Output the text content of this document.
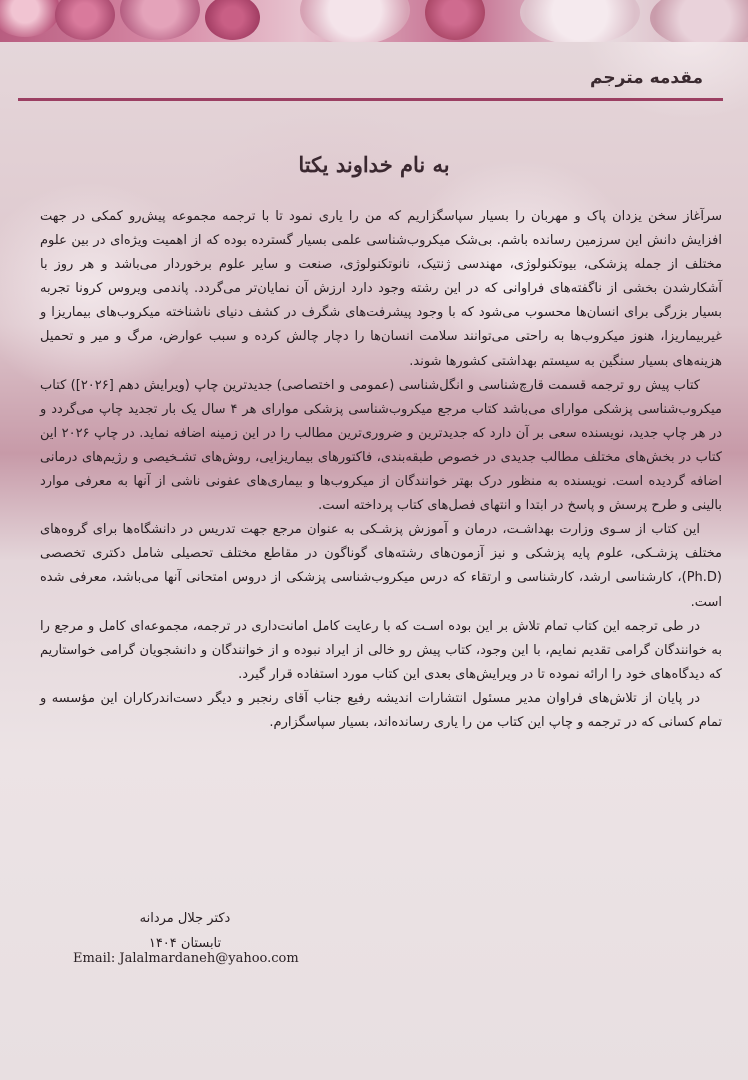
مقدمه مترجم
به نام خداوند یکتا

سرآغاز سخن یزدان پاک و مهربان را بسیار سپاسگزاریم که من را یاری نمود تا با ترجمه مجموعه پیش‌رو کمکی در جهت افزایش دانش این سرزمین رسانده باشم. بی‌شک میکروب‌شناسی علمی بسیار گسترده بوده که از اهمیت ویژه‌ای در بین علوم مختلف از جمله پزشکی، بیوتکنولوژی، مهندسی ژنتیک، نانوتکنولوژی، صنعت و سایر علوم برخوردار می‌باشد و هر روز با آشکارشدن بخشی از ناگفته‌های فراوانی که در این رشته وجود دارد ارزش آن نمایان‌تر می‌گردد. پاندمی ویروس کرونا تجربه بسیار بزرگی برای انسان‌ها محسوب می‌شود که با وجود پیشرفت‌های شگرف در کشف دنیای ناشناخته میکروب‌های بیماریزا و غیربیماریزا، هنوز میکروب‌ها به راحتی می‌توانند سلامت انسان‌ها را دچار چالش کرده و سبب عوارض، مرگ و میر و تحمیل هزینه‌های بسیار سنگین به سیستم بهداشتی کشورها شوند.

کتاب پیش رو ترجمه قسمت قارچ‌شناسی و انگل‌شناسی (عمومی و اختصاصی) جدیدترین چاپ (ویرایش دهم [۲۰۲۶]) کتاب میکروب‌شناسی پزشکی موارای می‌باشد کتاب مرجع میکروب‌شناسی پزشکی موارای هر ۴ سال یک بار تجدید چاپ می‌گردد و در هر چاپ جدید، نویسنده سعی بر آن دارد که جدیدترین و ضروری‌ترین مطالب را در این زمینه اضافه نماید. در چاپ ۲۰۲۶ این کتاب در بخش‌های مختلف مطالب جدیدی در خصوص طبقه‌بندی، فاکتورهای بیماریزایی، روش‌های تشـخیصی و رژیم‌های درمانی اضافه گردیده است. نویسنده به منظور درک بهتر خوانندگان از میکروب‌ها و بیماری‌های عفونی ناشی از آنها به معرفی موارد بالینی و طرح پرسش و پاسخ در ابتدا و انتهای فصل‌های کتاب پرداخته است.

این کتاب از سـوی وزارت بهداشـت، درمان و آموزش پزشـکی به عنوان مرجع جهت تدریس در دانشگاه‌ها برای گروه‌های مختلف پزشـکی، علوم پایه پزشکی و نیز آزمون‌های رشته‌های گوناگون در مقاطع مختلف تحصیلی شامل دکتری تخصصی (Ph.D)، کارشناسی ارشد، کارشناسی و ارتقاء که درس میکروب‌شناسی پزشکی از دروس امتحانی آنها می‌باشد، معرفی شده است.

در طی ترجمه این کتاب تمام تلاش بر این بوده اسـت که با رعایت کامل امانت‌داری در ترجمه، مجموعه‌ای کامل و مرجع را به خوانندگان گرامی تقدیم نمایم، با این وجود، کتاب پیش رو خالی از ایراد نبوده و از خوانندگان و دانشجویان گرامی خواستاریم که دیدگاه‌های خود را ارائه نموده تا در ویرایش‌های بعدی این کتاب مورد استفاده قرار گیرد.

در پایان از تلاش‌های فراوان مدیر مسئول انتشارات اندیشه رفیع جناب آقای رنجبر و دیگر دست‌اندرکاران این مؤسسه و تمام کسانی که در ترجمه و چاپ این کتاب من را یاری رسانده‌اند، بسیار سپاسگزارم.

دکتر جلال مردانه
تابستان ۱۴۰۴
Email: Jalalmardaneh@yahoo.com
